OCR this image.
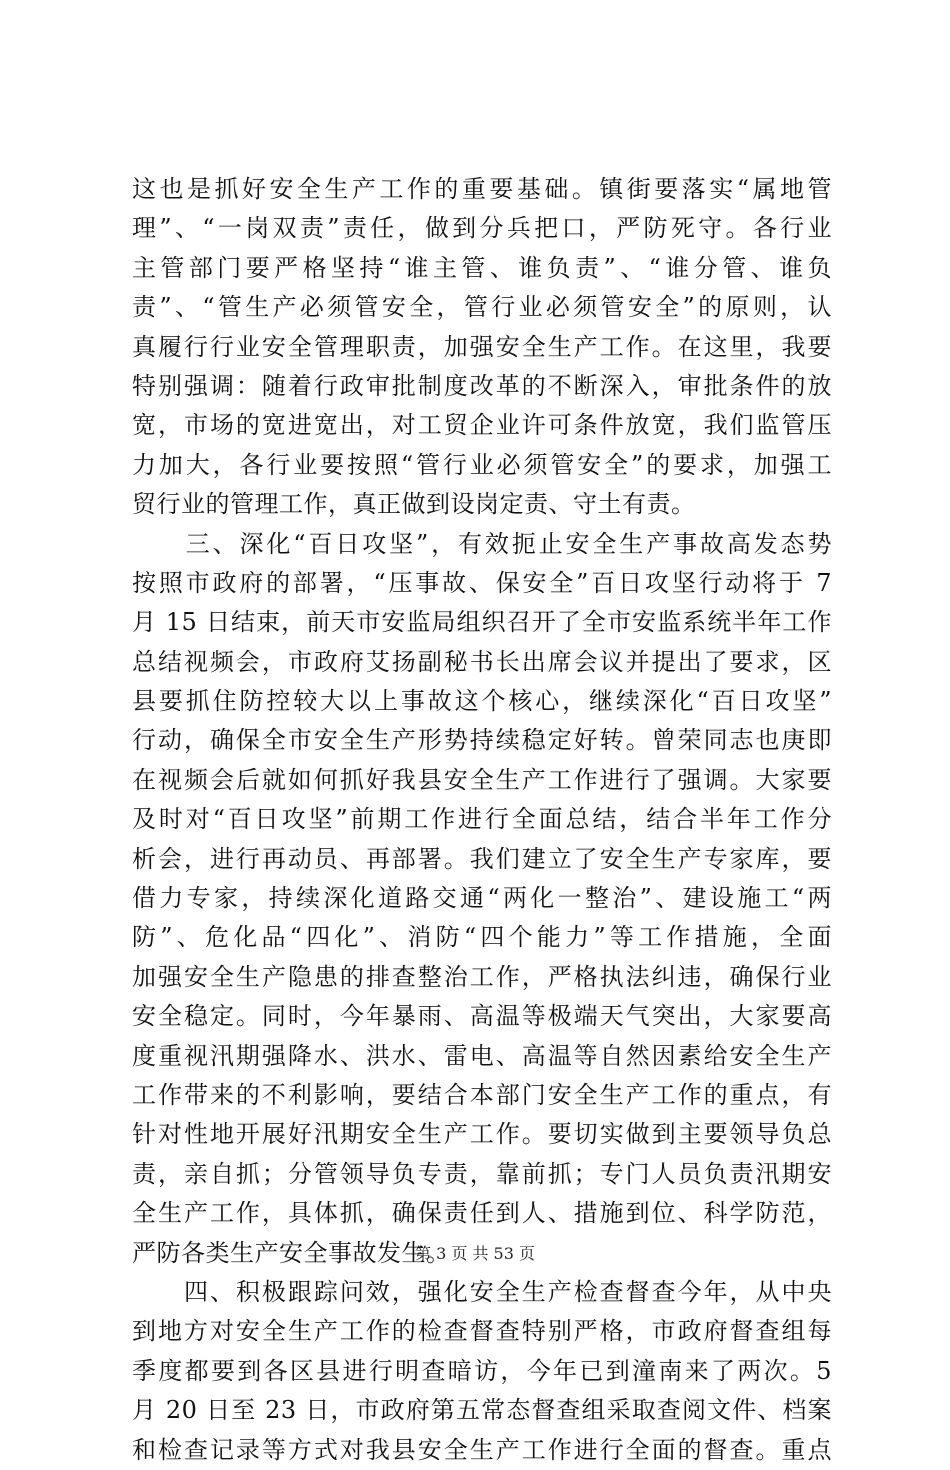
这也是抓好安全生产工作的重要基础。镇街要落实“属地管
理”、“一岗双责”责任，做到分兵把口，严防死守。各行业
主管部门要严格坚持“谁主管、谁负责”、“谁分管、谁负
责”、“管生产必须管安全，管行业必须管安全”的原则，认
真履行行业安全管理职责，加强安全生产工作。在这里，我要
特别强调：随着行政审批制度改革的不断深入，审批条件的放
宽，市场的宽进宽出，对工贸企业许可条件放宽，我们监管压
力加大，各行业要按照“管行业必须管安全”的要求，加强工
贸行业的管理工作，真正做到设岗定责、守土有责。
　　三、深化“百日攻坚”，有效扼止安全生产事故高发态势
按照市政府的部署，“压事故、保安全”百日攻坚行动将于 7
月 15 日结束，前天市安监局组织召开了全市安监系统半年工作
总结视频会，市政府艾扬副秘书长出席会议并提出了要求，区
县要抓住防控较大以上事故这个核心，继续深化“百日攻坚”
行动，确保全市安全生产形势持续稳定好转。曾荣同志也庚即
在视频会后就如何抓好我县安全生产工作进行了强调。大家要
及时对“百日攻坚”前期工作进行全面总结，结合半年工作分
析会，进行再动员、再部署。我们建立了安全生产专家库，要
借力专家，持续深化道路交通“两化一整治”、建设施工“两
防”、危化品“四化”、消防“四个能力”等工作措施，全面
加强安全生产隐患的排查整治工作，严格执法纠违，确保行业
安全稳定。同时，今年暴雨、高温等极端天气突出，大家要高
度重视汛期强降水、洪水、雷电、高温等自然因素给安全生产
工作带来的不利影响，要结合本部门安全生产工作的重点，有
针对性地开展好汛期安全生产工作。要切实做到主要领导负总
责，亲自抓；分管领导负专责，靠前抓；专门人员负责汛期安
全生产工作，具体抓，确保责任到人、措施到位、科学防范，
严防各类生产安全事故发生。
　　四、积极跟踪问效，强化安全生产检查督查今年，从中央
到地方对安全生产工作的检查督查特别严格，市政府督查组每
季度都要到各区县进行明查暗访，今年已到潼南来了两次。5
月 20 日至 23 日，市政府第五常态督查组采取查阅文件、档案
和检查记录等方式对我县安全生产工作进行全面的督查。重点
第 3 页 共 53 页
